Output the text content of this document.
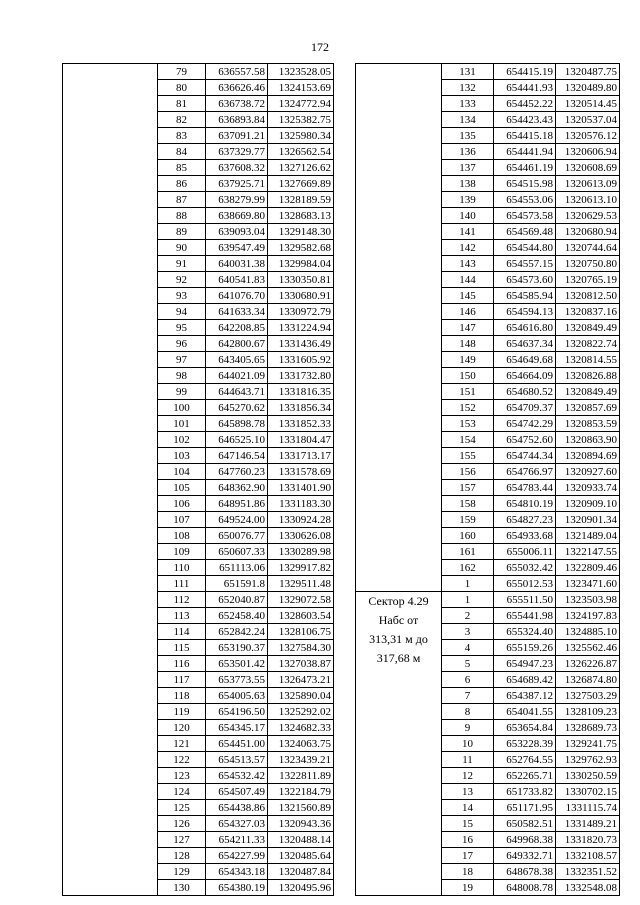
172
	79	636557.58	1323528.05
	80	636626.46	1324153.69
	81	636738.72	1324772.94
	82	636893.84	1325382.75
	83	637091.21	1325980.34
	84	637329.77	1326562.54
	85	637608.32	1327126.62
	86	637925.71	1327669.89
	87	638279.99	1328189.59
	88	638669.80	1328683.13
	89	639093.04	1329148.30
	90	639547.49	1329582.68
	91	640031.38	1329984.04
	92	640541.83	1330350.81
	93	641076.70	1330680.91
	94	641633.34	1330972.79
	95	642208.85	1331224.94
	96	642800.67	1331436.49
	97	643405.65	1331605.92
	98	644021.09	1331732.80
	99	644643.71	1331816.35
	100	645270.62	1331856.34
	101	645898.78	1331852.33
	102	646525.10	1331804.47
	103	647146.54	1331713.17
	104	647760.23	1331578.69
	105	648362.90	1331401.90
	106	648951.86	1331183.30
	107	649524.00	1330924.28
	108	650076.77	1330626.08
	109	650607.33	1330289.98
	110	651113.06	1329917.82
	111	651591.8	1329511.48
	112	652040.87	1329072.58
	113	652458.40	1328603.54
	114	652842.24	1328106.75
	115	653190.37	1327584.30
	116	653501.42	1327038.87
	117	653773.55	1326473.21
	118	654005.63	1325890.04
	119	654196.50	1325292.02
	120	654345.17	1324682.33
	121	654451.00	1324063.75
	122	654513.57	1323439.21
	123	654532.42	1322811.89
	124	654507.49	1322184.79
	125	654438.86	1321560.89
	126	654327.03	1320943.36
	127	654211.33	1320488.14
	128	654227.99	1320485.64
	129	654343.18	1320487.84
	130	654380.19	1320495.96
	131	654415.19	1320487.75
	132	654441.93	1320489.80
	133	654452.22	1320514.45
	134	654423.43	1320537.04
	135	654415.18	1320576.12
	136	654441.94	1320606.94
	137	654461.19	1320608.69
	138	654515.98	1320613.09
	139	654553.06	1320613.10
	140	654573.58	1320629.53
	141	654569.48	1320680.94
	142	654544.80	1320744.64
	143	654557.15	1320750.80
	144	654573.60	1320765.19
	145	654585.94	1320812.50
	146	654594.13	1320837.16
	147	654616.80	1320849.49
	148	654637.34	1320822.74
	149	654649.68	1320814.55
	150	654664.09	1320826.88
	151	654680.52	1320849.49
	152	654709.37	1320857.69
	153	654742.29	1320853.59
	154	654752.60	1320863.90
	155	654744.34	1320894.69
	156	654766.97	1320927.60
	157	654783.44	1320933.74
	158	654810.19	1320909.10
	159	654827.23	1320901.34
	160	654933.68	1321489.04
	161	655006.11	1322147.55
	162	655032.42	1322809.46
	1	655012.53	1323471.60

Сектор 4.29
Набс от
313,31 м до
317,68 м	1	655511.50	1323503.98
	2	655441.98	1324197.83
	3	655324.40	1324885.10
	4	655159.26	1325562.46
	5	654947.23	1326226.87
	6	654689.42	1326874.80
	7	654387.12	1327503.29
	8	654041.55	1328109.23
	9	653654.84	1328689.73
	10	653228.39	1329241.75
	11	652764.55	1329762.93
	12	652265.71	1330250.59
	13	651733.82	1330702.15
	14	651171.95	1331115.74
	15	650582.51	1331489.21
	16	649968.38	1331820.73
	17	649332.71	1332108.57
	18	648678.38	1332351.52
	19	648008.78	1332548.08
